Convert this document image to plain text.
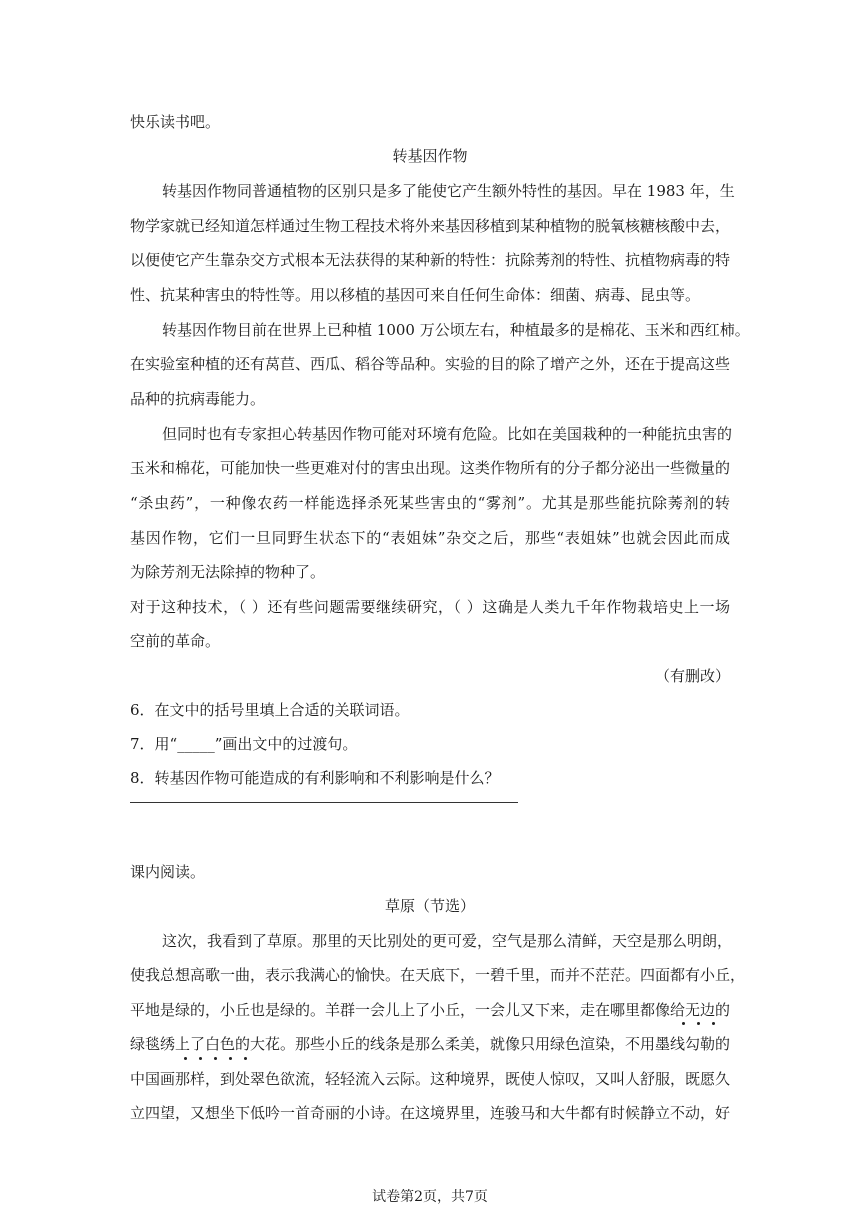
快乐读书吧。
转基因作物
转基因作物同普通植物的区别只是多了能使它产生额外特性的基因。早在 1983 年，生
物学家就已经知道怎样通过生物工程技术将外来基因移植到某种植物的脱氧核糖核酸中去，
以便使它产生靠杂交方式根本无法获得的某种新的特性：抗除莠剂的特性、抗植物病毒的特
性、抗某种害虫的特性等。用以移植的基因可来自任何生命体：细菌、病毒、昆虫等。
转基因作物目前在世界上已种植 1000 万公顷左右，种植最多的是棉花、玉米和西红柿。
在实验室种植的还有莴苣、西瓜、稻谷等品种。实验的目的除了增产之外，还在于提高这些
品种的抗病毒能力。
但同时也有专家担心转基因作物可能对环境有危险。比如在美国栽种的一种能抗虫害的
玉米和棉花，可能加快一些更难对付的害虫出现。这类作物所有的分子都分泌出一些微量的
“杀虫药”，一种像农药一样能选择杀死某些害虫的“雾剂”。尤其是那些能抗除莠剂的转
基因作物，它们一旦同野生状态下的“表姐妹”杂交之后，那些“表姐妹”也就会因此而成
为除芳剂无法除掉的物种了。
对于这种技术，（ ）还有些问题需要继续研究，（ ）这确是人类九千年作物栽培史上一场
空前的革命。
（有删改）
6．在文中的括号里填上合适的关联词语。
7．用“_____”画出文中的过渡句。
8．转基因作物可能造成的有利影响和不利影响是什么？
课内阅读。
草原（节选）
这次，我看到了草原。那里的天比别处的更可爱，空气是那么清鲜，天空是那么明朗，
使我总想高歌一曲，表示我满心的愉快。在天底下，一碧千里，而并不茫茫。四面都有小丘，
平地是绿的，小丘也是绿的。羊群一会儿上了小丘，一会儿又下来，走在哪里都像给无边的
绿毯绣上了白色的大花。那些小丘的线条是那么柔美，就像只用绿色渲染，不用墨线勾勒的
中国画那样，到处翠色欲流，轻轻流入云际。这种境界，既使人惊叹，又叫人舒服，既愿久
立四望，又想坐下低吟一首奇丽的小诗。在这境界里，连骏马和大牛都有时候静立不动，好
试卷第2页，共7页
